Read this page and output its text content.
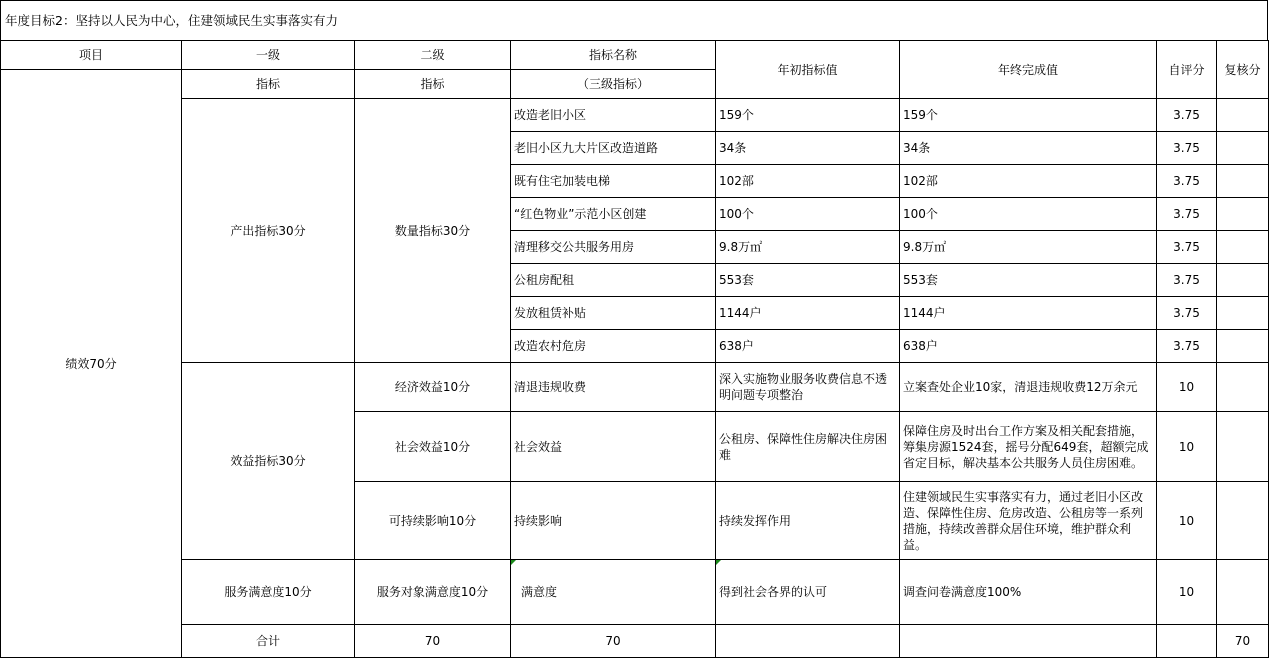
年度目标2：坚持以人民为中心，住建领域民生实事落实有力
项目	一级	二级	指标名称	年初指标值	年终完成值	自评分	复核分	
绩效70分	指标	指标	（三级指标）					
	产出指标30分	数量指标30分	改造老旧小区	159个	159个	3.75		
			老旧小区九大片区改造道路	34条	34条	3.75		
			既有住宅加装电梯	102部	102部	3.75		
			“红色物业”示范小区创建	100个	100个	3.75		
			清理移交公共服务用房	9.8万㎡	9.8万㎡	3.75		
			公租房配租	553套	553套	3.75		
			发放租赁补贴	1144户	1144户	3.75		
			改造农村危房	638户	638户	3.75		
	效益指标30分	经济效益10分	清退违规收费	深入实施物业服务收费信息不透明问题专项整治	立案查处企业10家，清退违规收费12万余元	10		
		社会效益10分	社会效益	公租房、保障性住房解决住房困难	保障住房及时出台工作方案及相关配套措施，筹集房源1524套，摇号分配649套，超额完成省定目标，解决基本公共服务人员住房困难。	10		
		可持续影响10分	持续影响	持续发挥作用	住建领域民生实事落实有力，通过老旧小区改造、保障性住房、危房改造、公租房等一系列措施，持续改善群众居住环境，维护群众利益。	10		
	服务满意度10分	服务对象满意度10分	满意度	得到社会各界的认可	调查问卷满意度100%	10		
	合计	70	70				70	
